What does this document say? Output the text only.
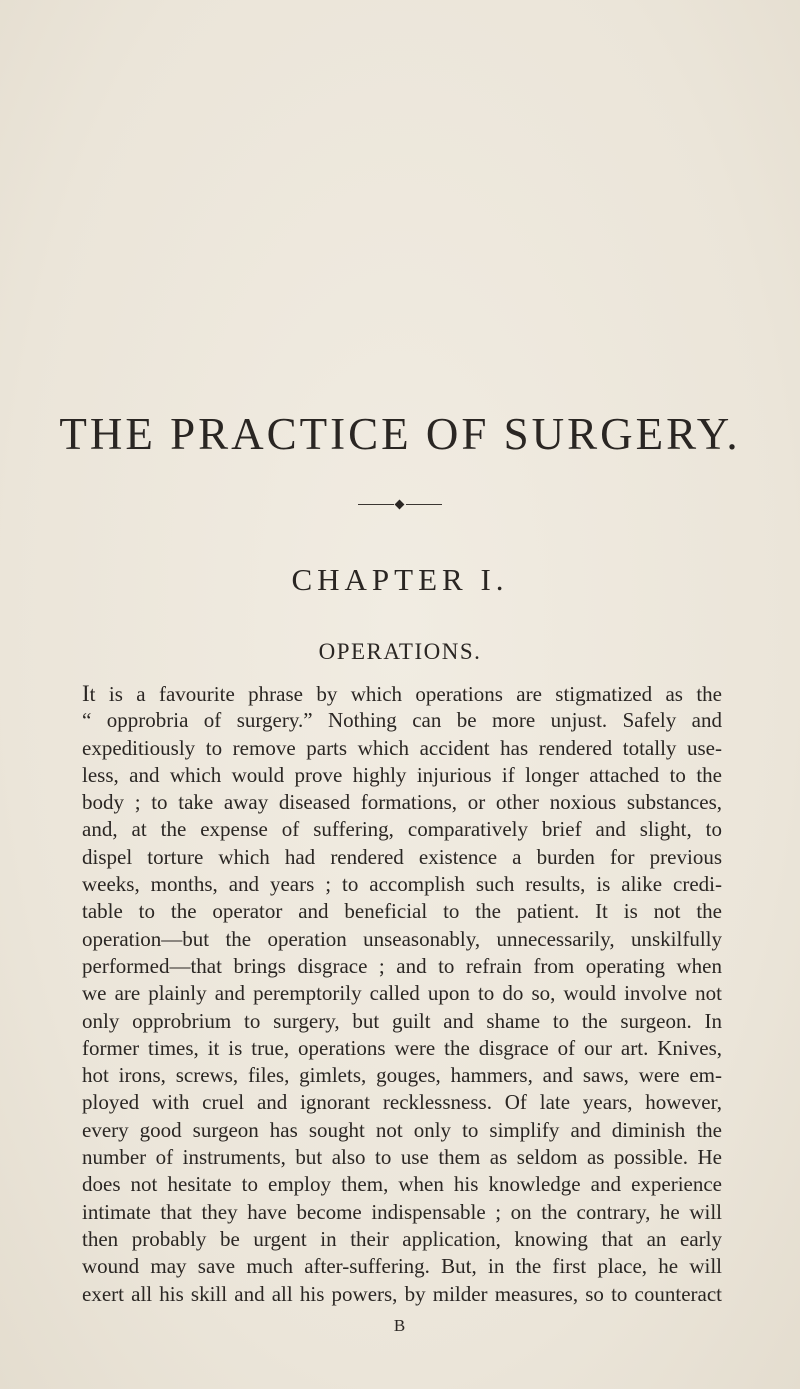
THE PRACTICE OF SURGERY.
CHAPTER I.
OPERATIONS.
It is a favourite phrase by which operations are stigmatized as the
“ opprobria of surgery.” Nothing can be more unjust. Safely and
expeditiously to remove parts which accident has rendered totally use-
less, and which would prove highly injurious if longer attached to the
body ; to take away diseased formations, or other noxious substances,
and, at the expense of suffering, comparatively brief and slight, to
dispel torture which had rendered existence a burden for previous
weeks, months, and years ; to accomplish such results, is alike credi-
table to the operator and beneficial to the patient. It is not the
operation—but the operation unseasonably, unnecessarily, unskilfully
performed—that brings disgrace ; and to refrain from operating when
we are plainly and peremptorily called upon to do so, would involve not
only opprobrium to surgery, but guilt and shame to the surgeon. In
former times, it is true, operations were the disgrace of our art. Knives,
hot irons, screws, files, gimlets, gouges, hammers, and saws, were em-
ployed with cruel and ignorant recklessness. Of late years, however,
every good surgeon has sought not only to simplify and diminish the
number of instruments, but also to use them as seldom as possible. He
does not hesitate to employ them, when his knowledge and experience
intimate that they have become indispensable ; on the contrary, he will
then probably be urgent in their application, knowing that an early
wound may save much after-suffering. But, in the first place, he will
exert all his skill and all his powers, by milder measures, so to counteract
B
